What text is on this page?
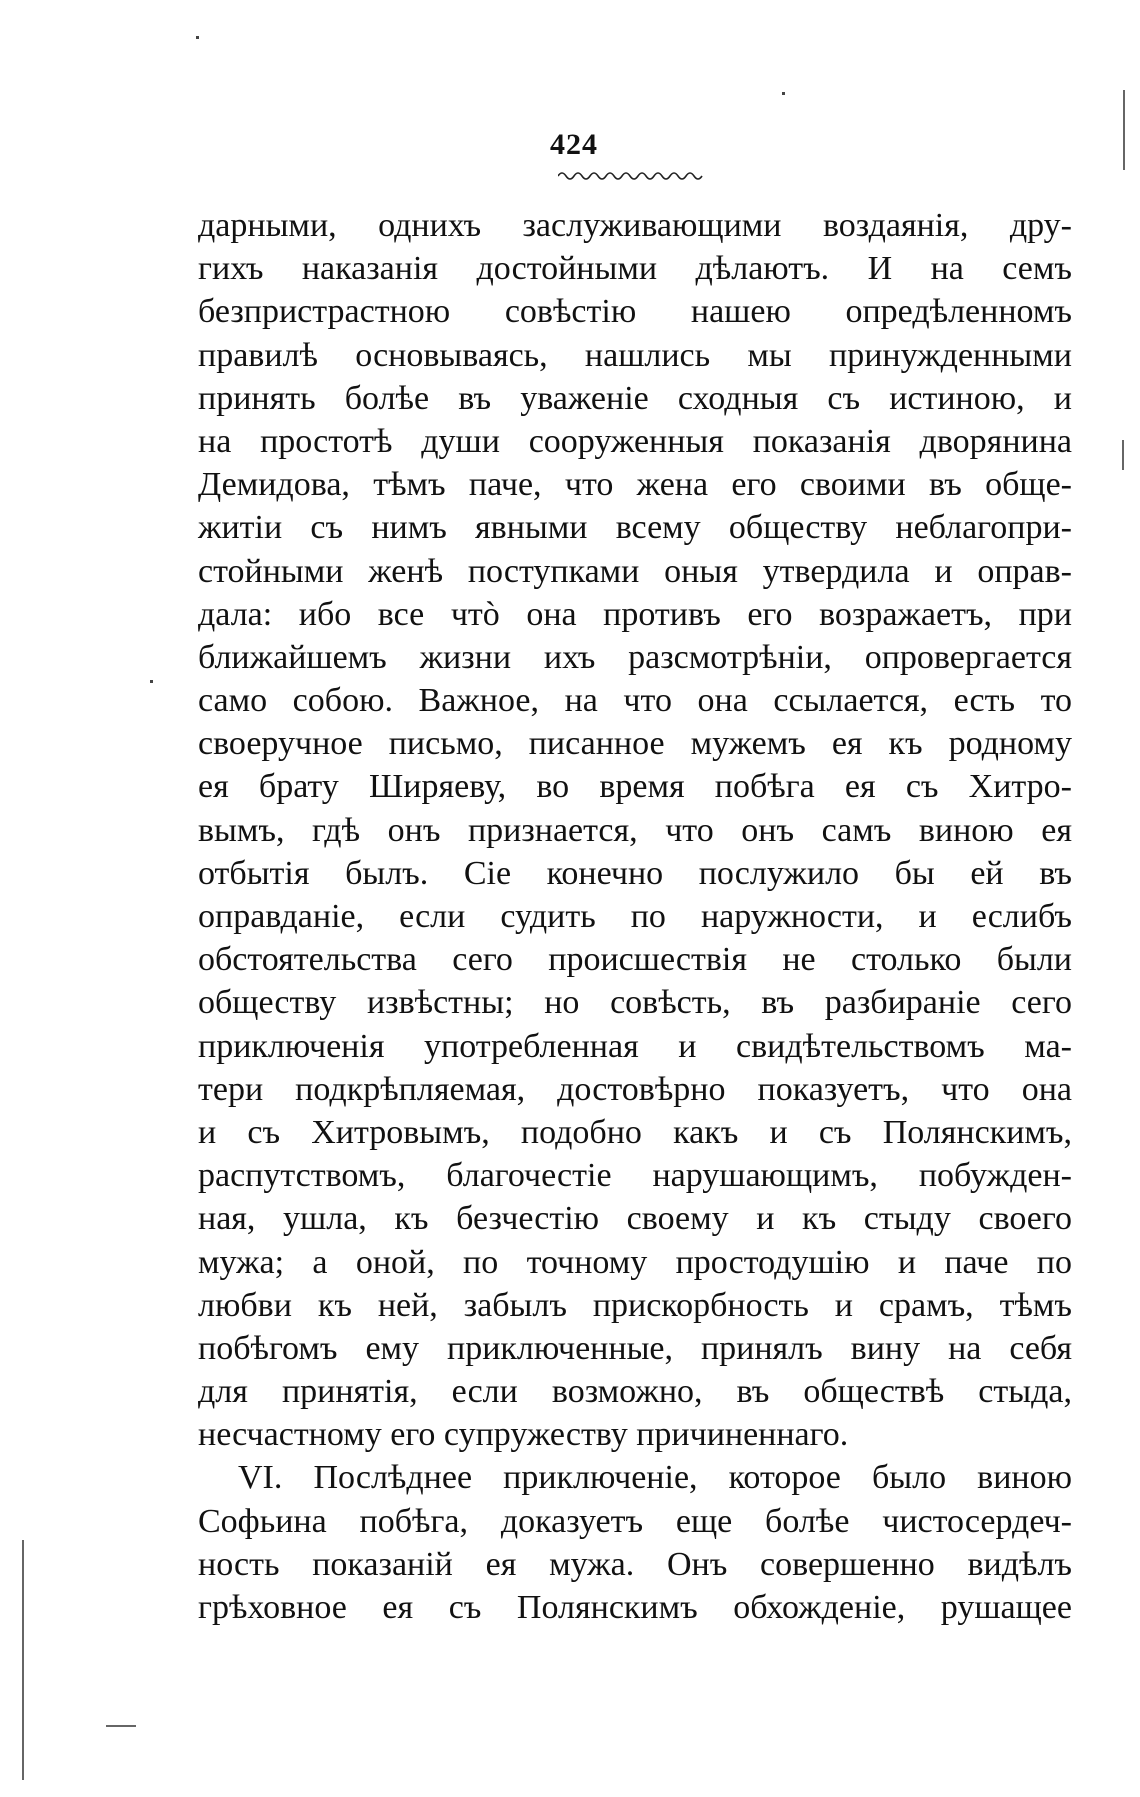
424
дарными, однихъ заслуживающими воздаянія, дру-
гихъ наказанія достойными дѣлаютъ. И на семъ
безпристрастною совѣстію нашею опредѣленномъ
правилѣ основываясь, нашлись мы принужденными
принять болѣе въ уваженіе сходныя съ истиною, и
на простотѣ души сооруженныя показанія дворянина
Демидова, тѣмъ паче, что жена его своими въ обще-
житіи съ нимъ явными всему обществу неблагопри-
стойными женѣ поступками оныя утвердила и оправ-
дала: ибо все чтò она противъ его возражаетъ, при
ближайшемъ жизни ихъ разсмотрѣніи, опровергается
само собою. Важное, на что она ссылается, есть то
своеручное письмо, писанное мужемъ ея къ родному
ея брату Ширяеву, во время побѣга ея съ Хитро-
вымъ, гдѣ онъ признается, что онъ самъ виною ея
отбытія былъ. Сіе конечно послужило бы ей въ
оправданіе, если судить по наружности, и еслибъ
обстоятельства сего происшествія не столько были
обществу извѣстны; но совѣсть, въ разбираніе сего
приключенія употребленная и свидѣтельствомъ ма-
тери подкрѣпляемая, достовѣрно показуетъ, что она
и съ Хитровымъ, подобно какъ и съ Полянскимъ,
распутствомъ, благочестіе нарушающимъ, побужден-
ная, ушла, къ безчестію своему и къ стыду своего
мужа; а оной, по точному простодушію и паче по
любви къ ней, забылъ прискорбность и срамъ, тѣмъ
побѣгомъ ему приключенные, принялъ вину на себя
для принятія, если возможно, въ обществѣ стыда,
несчастному его супружеству причиненнаго.
VI. Послѣднее приключеніе, которое было виною
Софьина побѣга, доказуетъ еще болѣе чистосердеч-
ность показаній ея мужа. Онъ совершенно видѣлъ
грѣховное ея съ Полянскимъ обхожденіе, рушащее
